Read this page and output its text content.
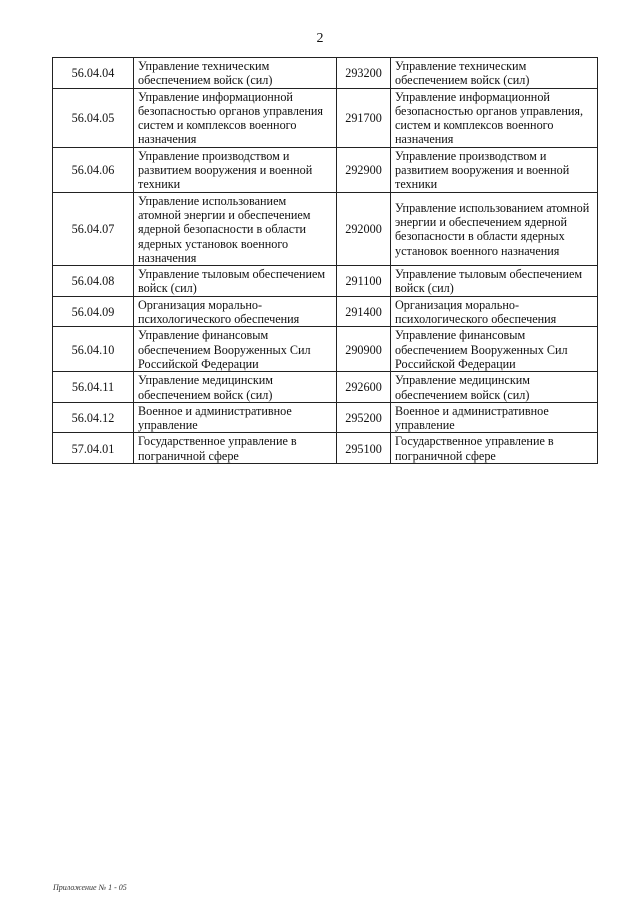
2
56.04.04	Управление техническим обеспечением войск (сил)	293200	Управление техническим обеспечением войск (сил)
56.04.05	Управление информационной безопасностью органов управления систем и комплексов военного назначения	291700	Управление информационной безопасностью органов управления, систем и комплексов военного назначения
56.04.06	Управление производством и развитием вооружения и военной техники	292900	Управление производством и развитием вооружения и военной техники
56.04.07	Управление использованием атомной энергии и обеспечением ядерной безопасности в области ядерных установок военного назначения	292000	Управление использованием атомной энергии и обеспечением ядерной безопасности в области ядерных установок военного назначения
56.04.08	Управление тыловым обеспечением войск (сил)	291100	Управление тыловым обеспечением войск (сил)
56.04.09	Организация морально-психологического обеспечения	291400	Организация морально-психологического обеспечения
56.04.10	Управление финансовым обеспечением Вооруженных Сил Российской Федерации	290900	Управление финансовым обеспечением Вооруженных Сил Российской Федерации
56.04.11	Управление медицинским обеспечением войск (сил)	292600	Управление медицинским обеспечением войск (сил)
56.04.12	Военное и административное управление	295200	Военное и административное управление
57.04.01	Государственное управление в пограничной сфере	295100	Государственное управление в пограничной сфере
Приложение № 1 - 05
